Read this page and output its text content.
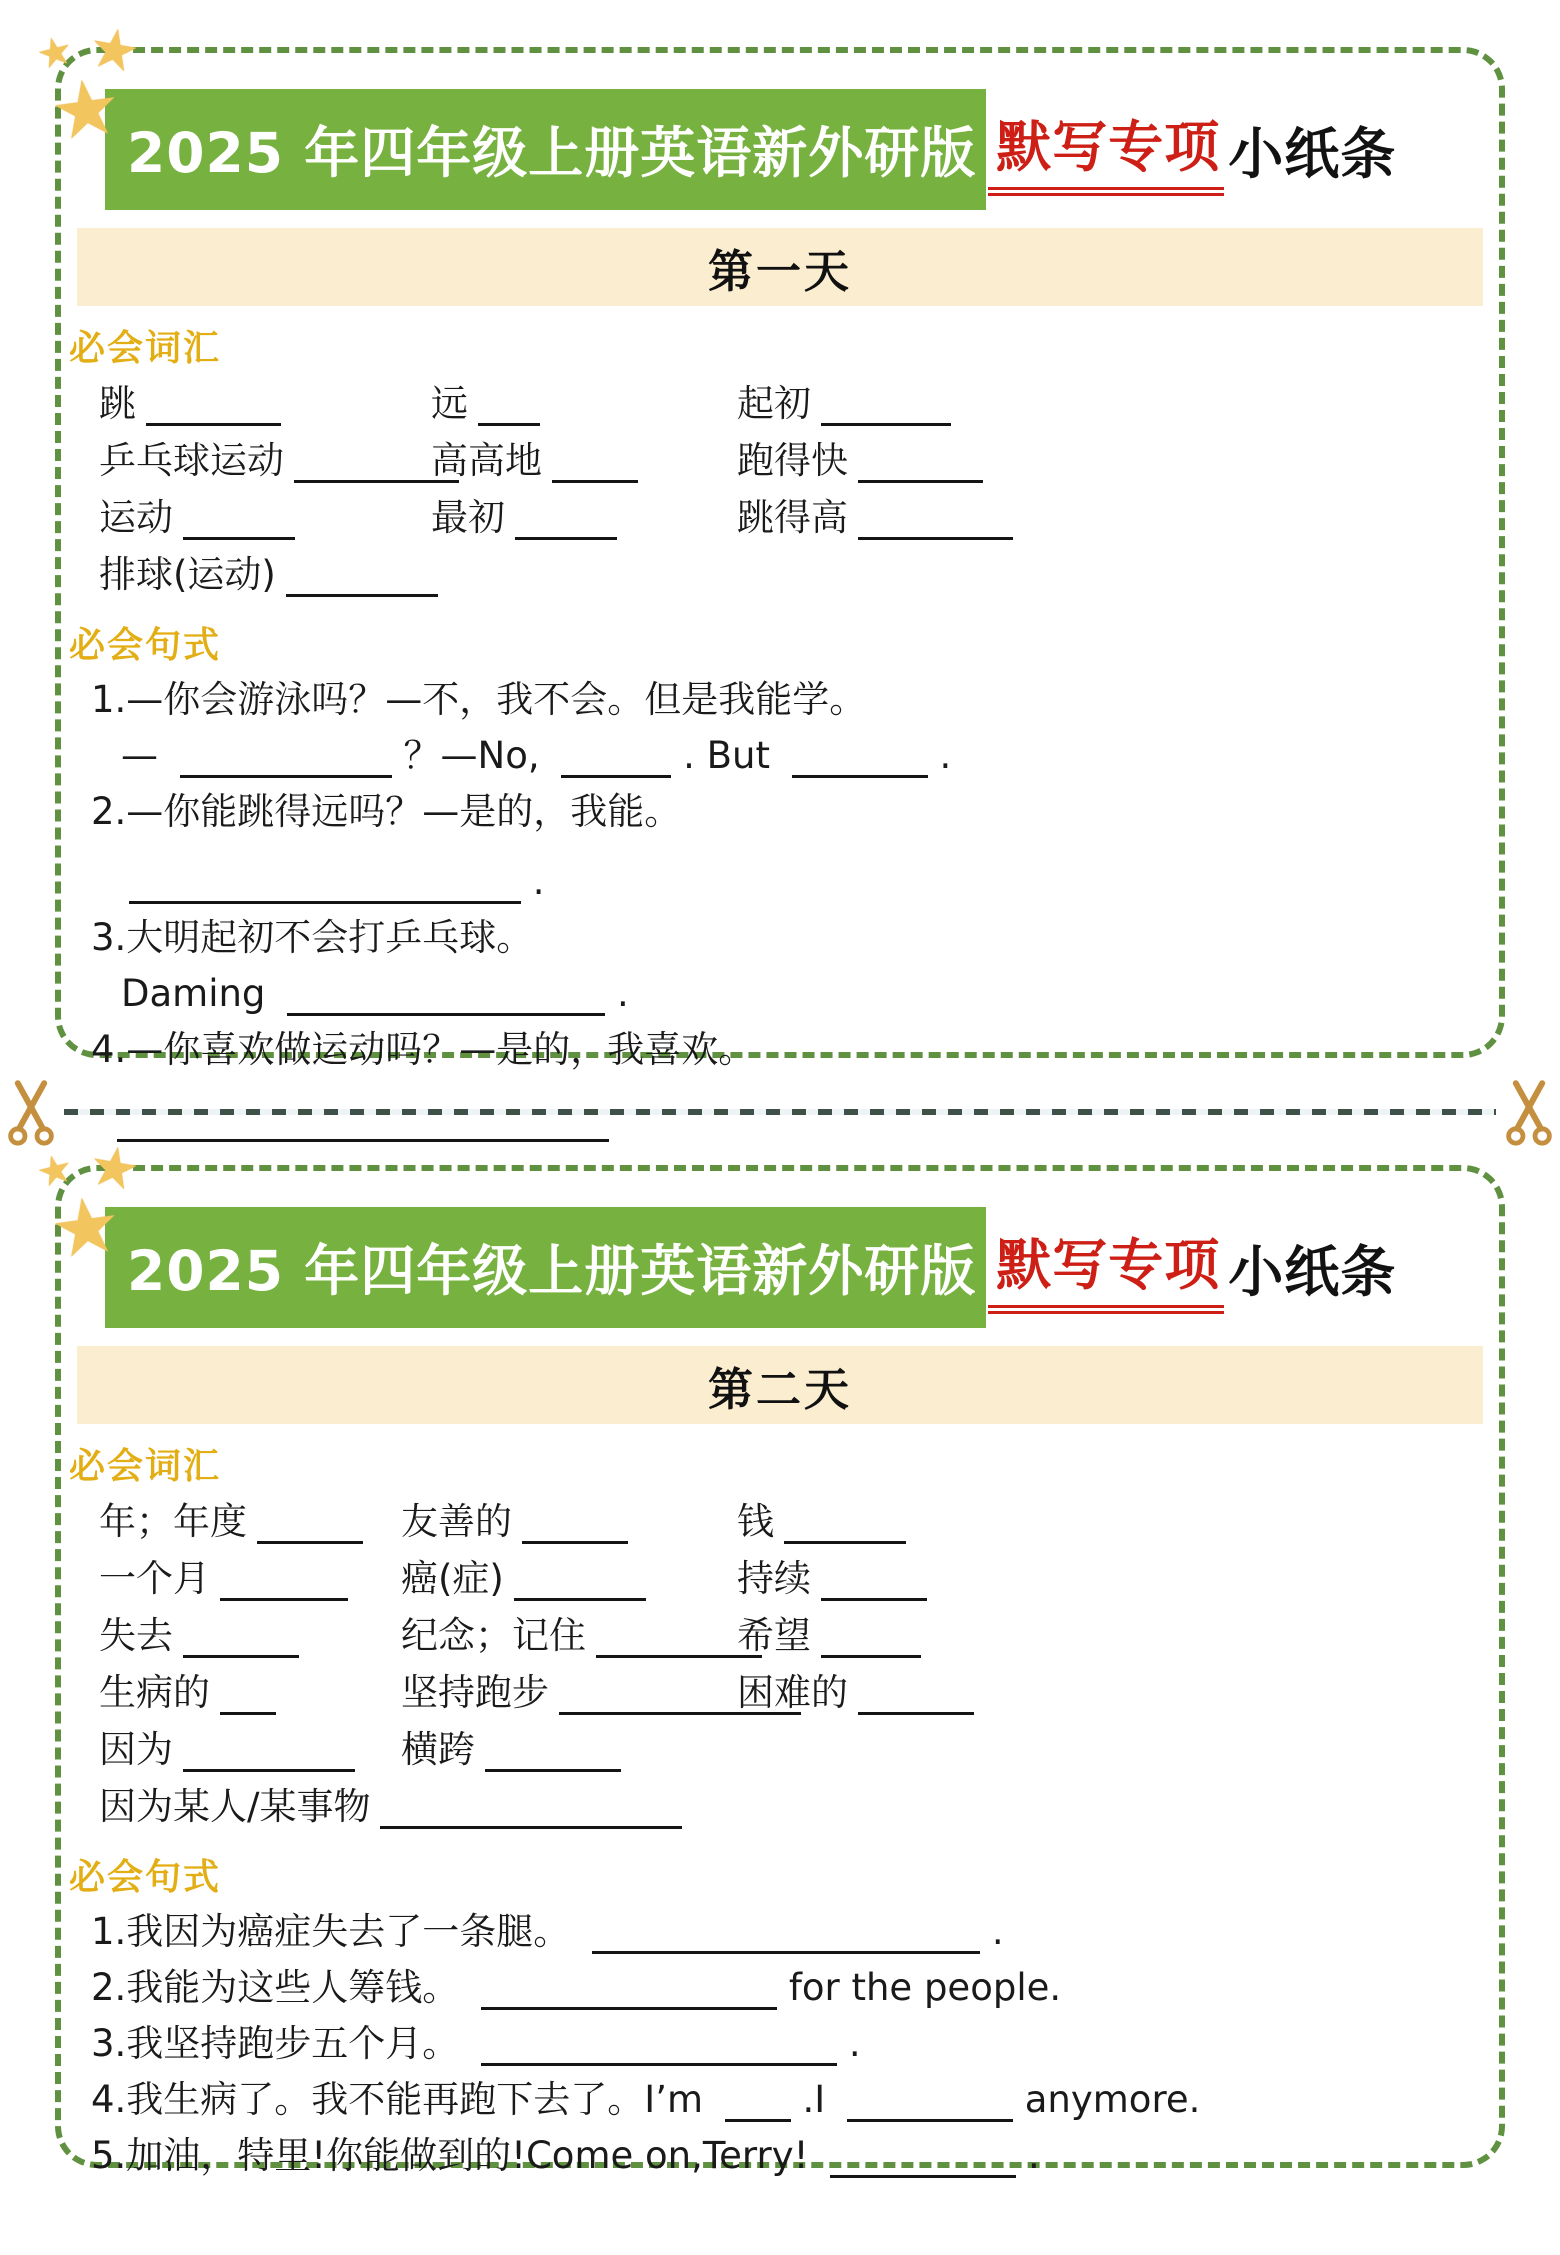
★ ★
★ 2025 年四年级上册英语新外研版 默写专项 小纸条
第一天
必会词汇
跳	远	起初
乒乓球运动	高高地	跑得快
运动	最初	跳得高
排球(运动)
必会句式
1.—你会游泳吗？—不，我不会。但是我能学。
—	？—No,	. But	.
2.—你能跳得远吗？—是的，我能。
.
3.大明起初不会打乒乓球。
Daming	.
4.—你喜欢做运动吗？—是的，我喜欢。
★ ★
★ 2025 年四年级上册英语新外研版 默写专项 小纸条
第二天
必会词汇
年；年度	友善的	钱
一个月	癌(症)	持续
失去	纪念；记住	希望
生病的	坚持跑步	困难的
因为	横跨
因为某人/某事物
必会句式
1.我因为癌症失去了一条腿。	.
2.我能为这些人筹钱。	for the people.
3.我坚持跑步五个月。	.
4.我生病了。我不能再跑下去了。I’m  .I	anymore.
5.加油，特里!你能做到的!Come on,Terry!	.
